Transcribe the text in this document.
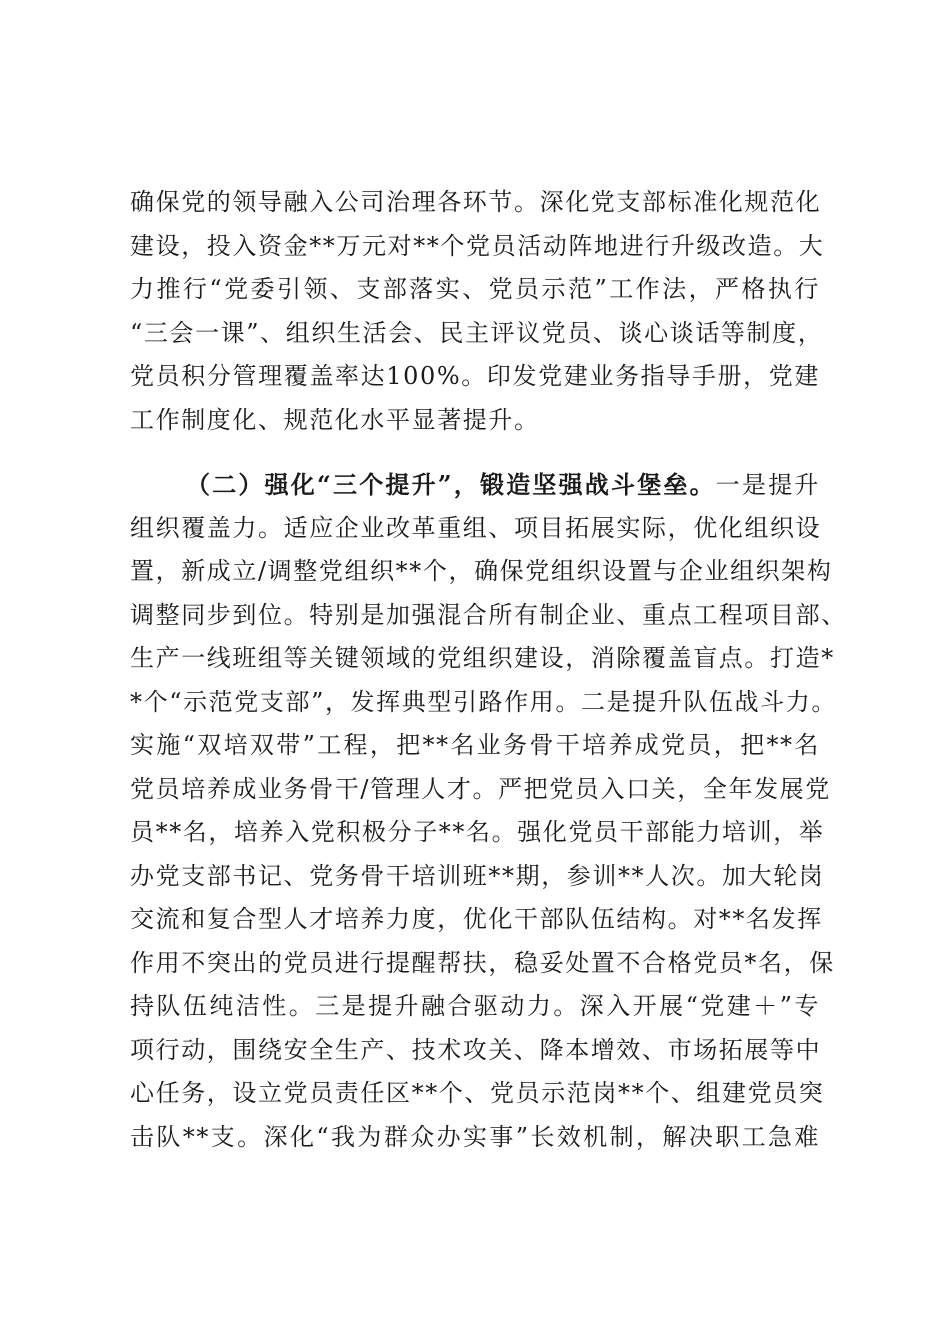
确保党的领导融入公司治理各环节。深化党支部标准化规范化
建设，投入资金**万元对**个党员活动阵地进行升级改造。大
力推行“党委引领、支部落实、党员示范”工作法，严格执行
“三会一课”、组织生活会、民主评议党员、谈心谈话等制度，
党员积分管理覆盖率达100%。印发党建业务指导手册，党建
工作制度化、规范化水平显著提升。
（二）强化“三个提升”，锻造坚强战斗堡垒。一是提升
组织覆盖力。适应企业改革重组、项目拓展实际，优化组织设
置，新成立/调整党组织**个，确保党组织设置与企业组织架构
调整同步到位。特别是加强混合所有制企业、重点工程项目部、
生产一线班组等关键领域的党组织建设，消除覆盖盲点。打造*
*个“示范党支部”，发挥典型引路作用。二是提升队伍战斗力。
实施“双培双带”工程，把**名业务骨干培养成党员，把**名
党员培养成业务骨干/管理人才。严把党员入口关，全年发展党
员**名，培养入党积极分子**名。强化党员干部能力培训，举
办党支部书记、党务骨干培训班**期，参训**人次。加大轮岗
交流和复合型人才培养力度，优化干部队伍结构。对**名发挥
作用不突出的党员进行提醒帮扶，稳妥处置不合格党员*名，保
持队伍纯洁性。三是提升融合驱动力。深入开展“党建＋”专
项行动，围绕安全生产、技术攻关、降本增效、市场拓展等中
心任务，设立党员责任区**个、党员示范岗**个、组建党员突
击队**支。深化“我为群众办实事”长效机制，解决职工急难
